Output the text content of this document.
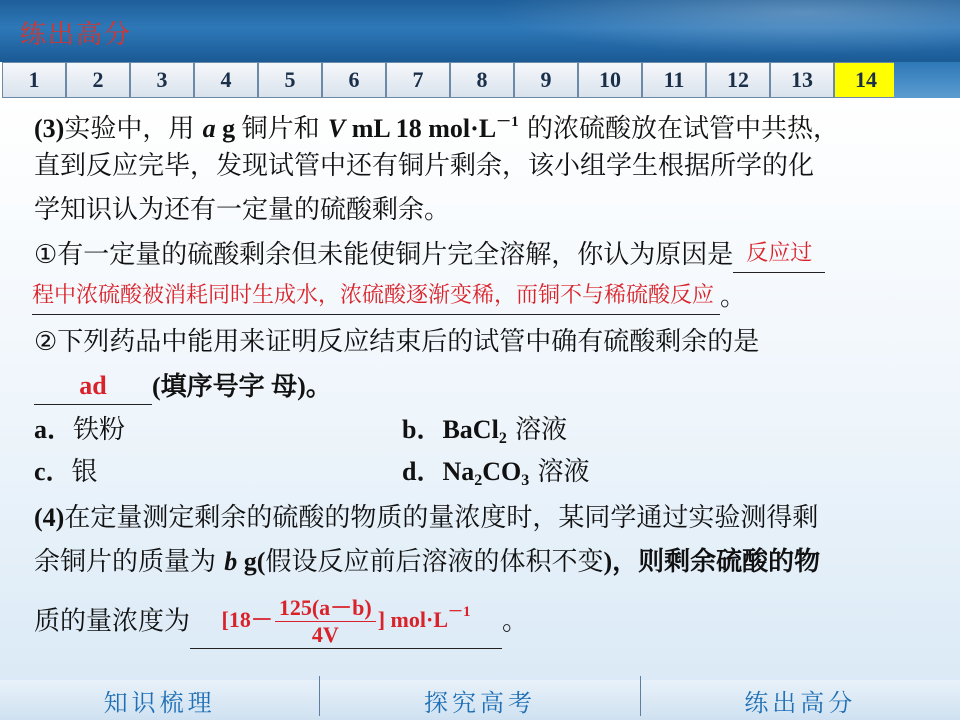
练出高分
1	2	3	4	5	6	7	8	9	10	11	12	13	14
(3)实验中，用 a g 铜片和 V mL 18 $mol\cdot L^{-1}$ 的浓硫酸放在试管中共热，
直到反应完毕，发现试管中还有铜片剩余，该小组学生根据所学的化
学知识认为还有一定量的硫酸剩余。
①有一定量的硫酸剩余但未能使铜片完全溶解，你认为原因是 反应过
程中浓硫酸被消耗同时生成水，浓硫酸逐渐变稀，而铜不与稀硫酸反应 。
②下列药品中能用来证明反应结束后的试管中确有硫酸剩余的是
ad (填序号字 母)。
a．铁粉	b．BaCl$_2$ 溶液
c．银	d．$Na_2CO_3$ 溶液
(4)在定量测定剩余的硫酸的物质的量浓度时，某同学通过实验测得剩
余铜片的质量为 b g(假设反应前后溶液的体积不变)，则剩余硫酸的物
质的量浓度为 [$18- \frac{125(a-b)}{4V}$ ] $mol\cdot L^{-1}$ 。
知识梳理	探究高考	练出高分
